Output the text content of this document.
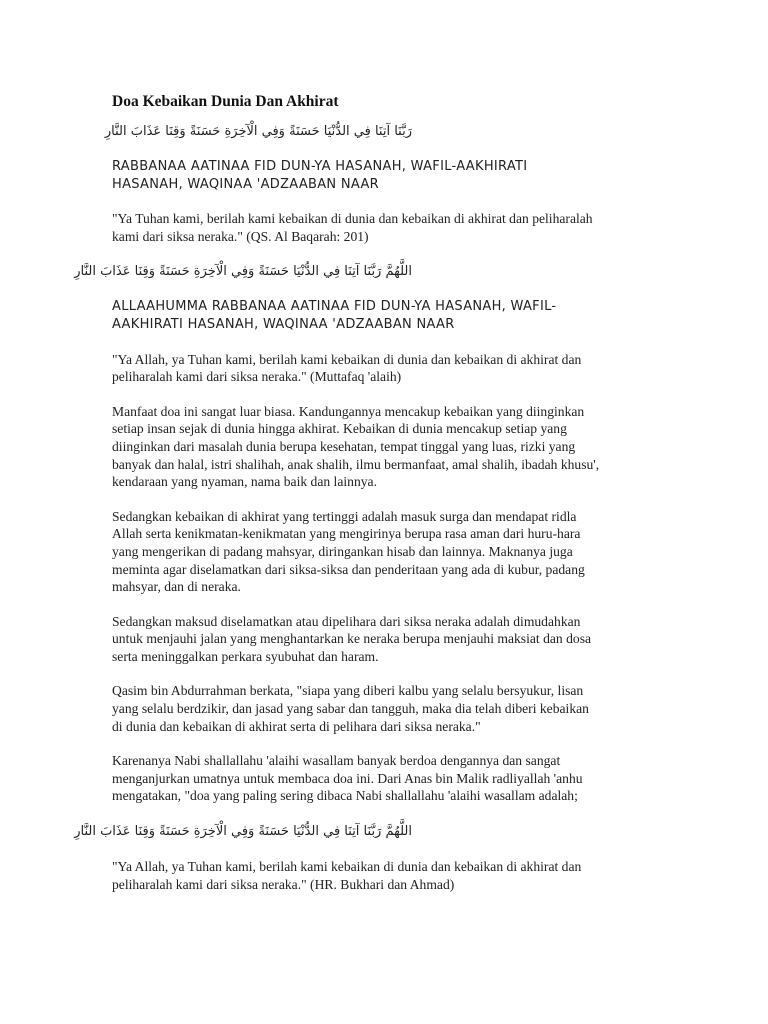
Doa Kebaikan Dunia Dan Akhirat

رَبَّنَا آتِنَا فِي الدُّنْيَا حَسَنَةً وَفِي الْآخِرَةِ حَسَنَةً وَقِنَا عَذَابَ النَّارِ

RABBANAA AATINAA FID DUN-YA HASANAH, WAFIL-AAKHIRATI
HASANAH, WAQINAA 'ADZAABAN NAAR

"Ya Tuhan kami, berilah kami kebaikan di dunia dan kebaikan di akhirat dan peliharalah
kami dari siksa neraka." (QS. Al Baqarah: 201)

اللَّهُمَّ رَبَّنَا آتِنَا فِي الدُّنْيَا حَسَنَةً وَفِي الْآخِرَةِ حَسَنَةً وَقِنَا عَذَابَ النَّارِ

ALLAAHUMMA RABBANAA AATINAA FID DUN-YA HASANAH, WAFIL-
AAKHIRATI HASANAH, WAQINAA 'ADZAABAN NAAR

"Ya Allah, ya Tuhan kami, berilah kami kebaikan di dunia dan kebaikan di akhirat dan
peliharalah kami dari siksa neraka." (Muttafaq 'alaih)

Manfaat doa ini sangat luar biasa. Kandungannya mencakup kebaikan yang diinginkan
setiap insan sejak di dunia hingga akhirat. Kebaikan di dunia mencakup setiap yang
diinginkan dari masalah dunia berupa kesehatan, tempat tinggal yang luas, rizki yang
banyak dan halal, istri shalihah, anak shalih, ilmu bermanfaat, amal shalih, ibadah khusu',
kendaraan yang nyaman, nama baik dan lainnya.

Sedangkan kebaikan di akhirat yang tertinggi adalah masuk surga dan mendapat ridla
Allah serta kenikmatan-kenikmatan yang mengirinya berupa rasa aman dari huru-hara
yang mengerikan di padang mahsyar, diringankan hisab dan lainnya. Maknanya juga
meminta agar diselamatkan dari siksa-siksa dan penderitaan yang ada di kubur, padang
mahsyar, dan di neraka.

Sedangkan maksud diselamatkan atau dipelihara dari siksa neraka adalah dimudahkan
untuk menjauhi jalan yang menghantarkan ke neraka berupa menjauhi maksiat dan dosa
serta meninggalkan perkara syubuhat dan haram.

Qasim bin Abdurrahman berkata, "siapa yang diberi kalbu yang selalu bersyukur, lisan
yang selalu berdzikir, dan jasad yang sabar dan tangguh, maka dia telah diberi kebaikan
di dunia dan kebaikan di akhirat serta di pelihara dari siksa neraka."

Karenanya Nabi shallallahu 'alaihi wasallam banyak berdoa dengannya dan sangat
menganjurkan umatnya untuk membaca doa ini. Dari Anas bin Malik radliyallah 'anhu
mengatakan, "doa yang paling sering dibaca Nabi shallallahu 'alaihi wasallam adalah;

اللَّهُمَّ رَبَّنَا آتِنَا فِي الدُّنْيَا حَسَنَةً وَفِي الْآخِرَةِ حَسَنَةً وَقِنَا عَذَابَ النَّارِ

"Ya Allah, ya Tuhan kami, berilah kami kebaikan di dunia dan kebaikan di akhirat dan
peliharalah kami dari siksa neraka." (HR. Bukhari dan Ahmad)
